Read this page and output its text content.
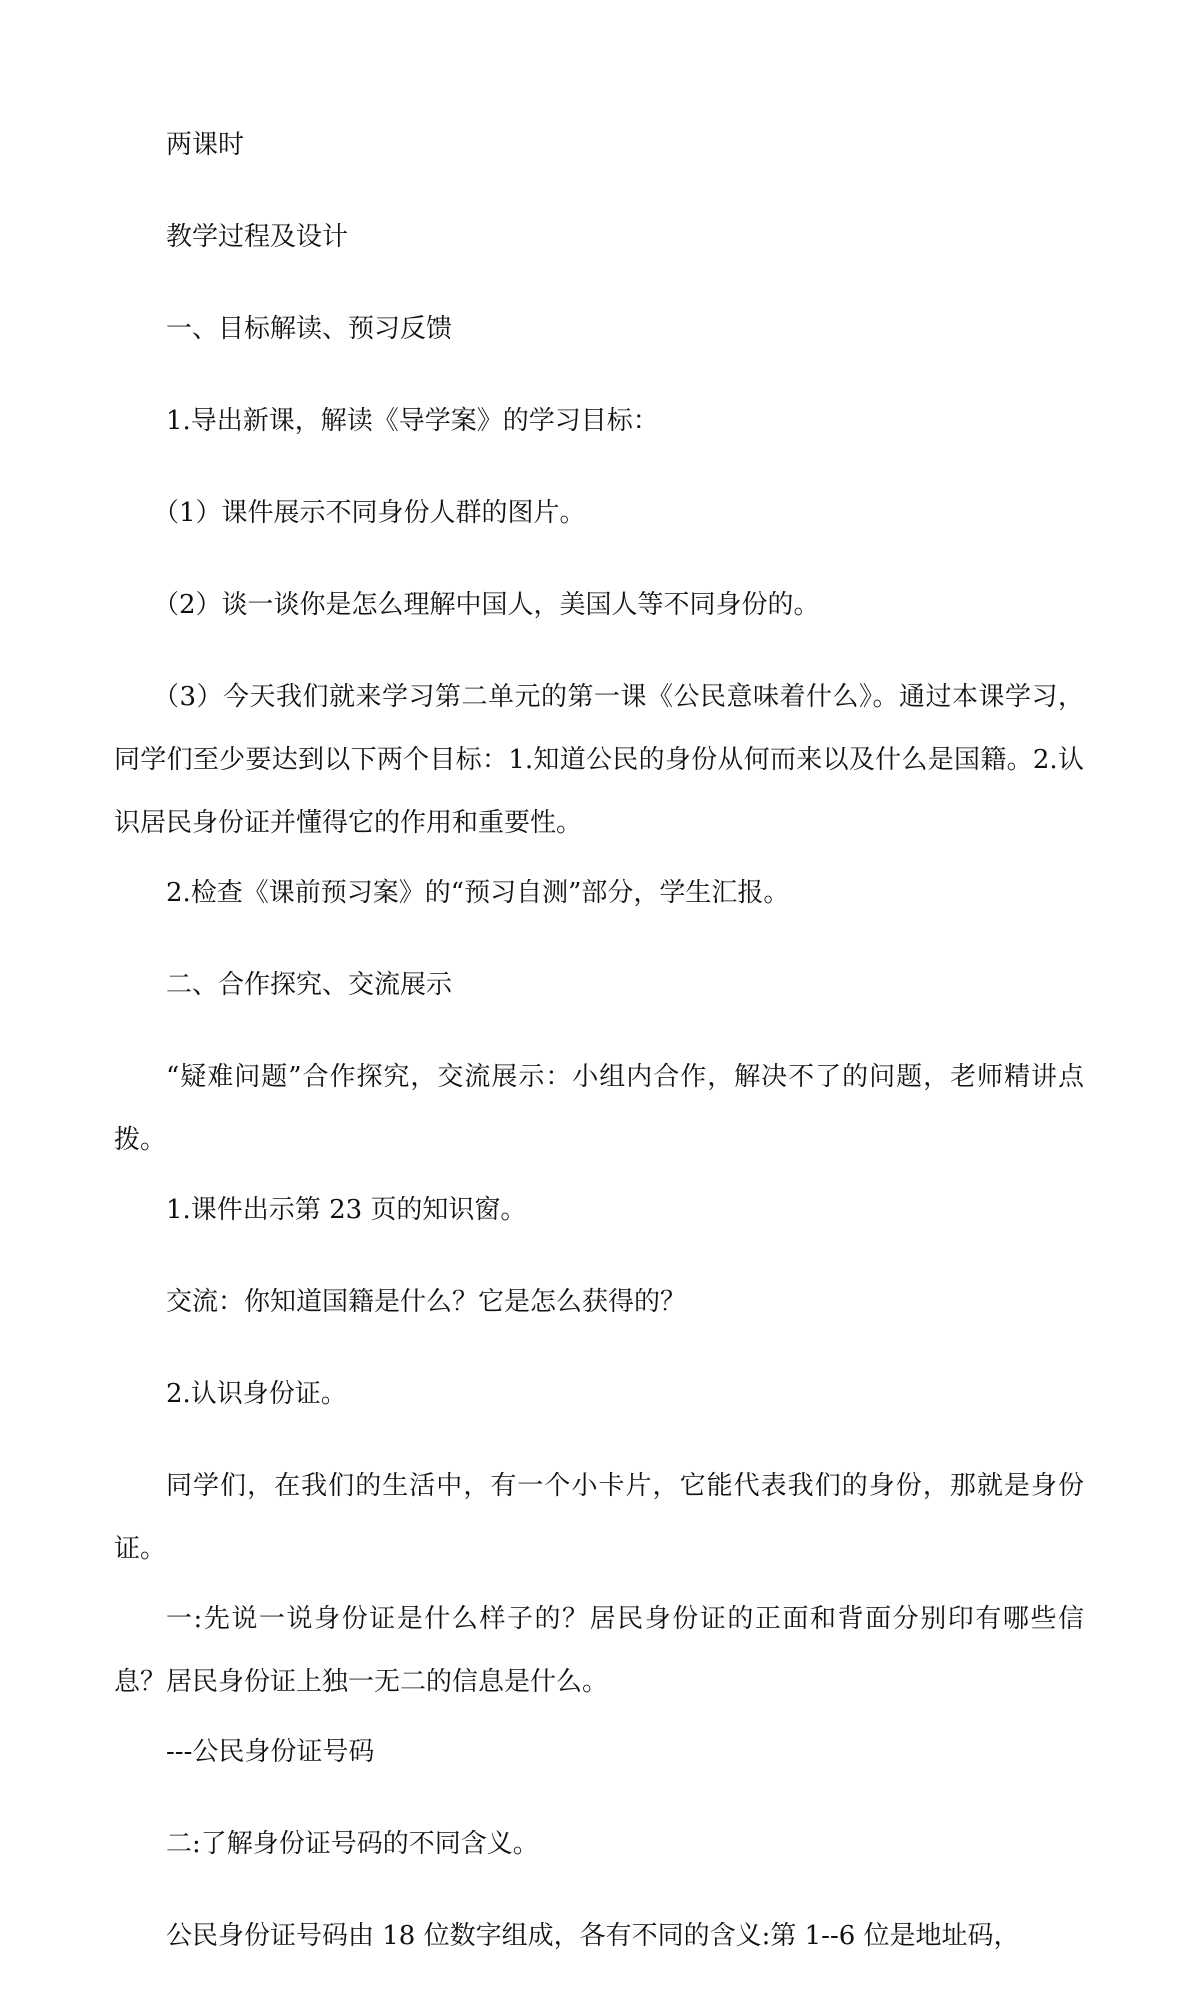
两课时

教学过程及设计

一、目标解读、预习反馈

1.导出新课，解读《导学案》的学习目标：

（1）课件展示不同身份人群的图片。

（2）谈一谈你是怎么理解中国人，美国人等不同身份的。

（3）今天我们就来学习第二单元的第一课《公民意味着什么》。通过本课学习，同学们至少要达到以下两个目标：1.知道公民的身份从何而来以及什么是国籍。2.认识居民身份证并懂得它的作用和重要性。

2.检查《课前预习案》的“预习自测”部分，学生汇报。

二、合作探究、交流展示

“疑难问题”合作探究，交流展示：小组内合作，解决不了的问题，老师精讲点拨。

1.课件出示第 23 页的知识窗。

交流：你知道国籍是什么？它是怎么获得的？

2.认识身份证。

同学们，在我们的生活中，有一个小卡片，它能代表我们的身份，那就是身份证。

一:先说一说身份证是什么样子的？居民身份证的正面和背面分别印有哪些信息？居民身份证上独一无二的信息是什么。

---公民身份证号码

二:了解身份证号码的不同含义。

公民身份证号码由 18 位数字组成，各有不同的含义:第 1--6 位是地址码，
